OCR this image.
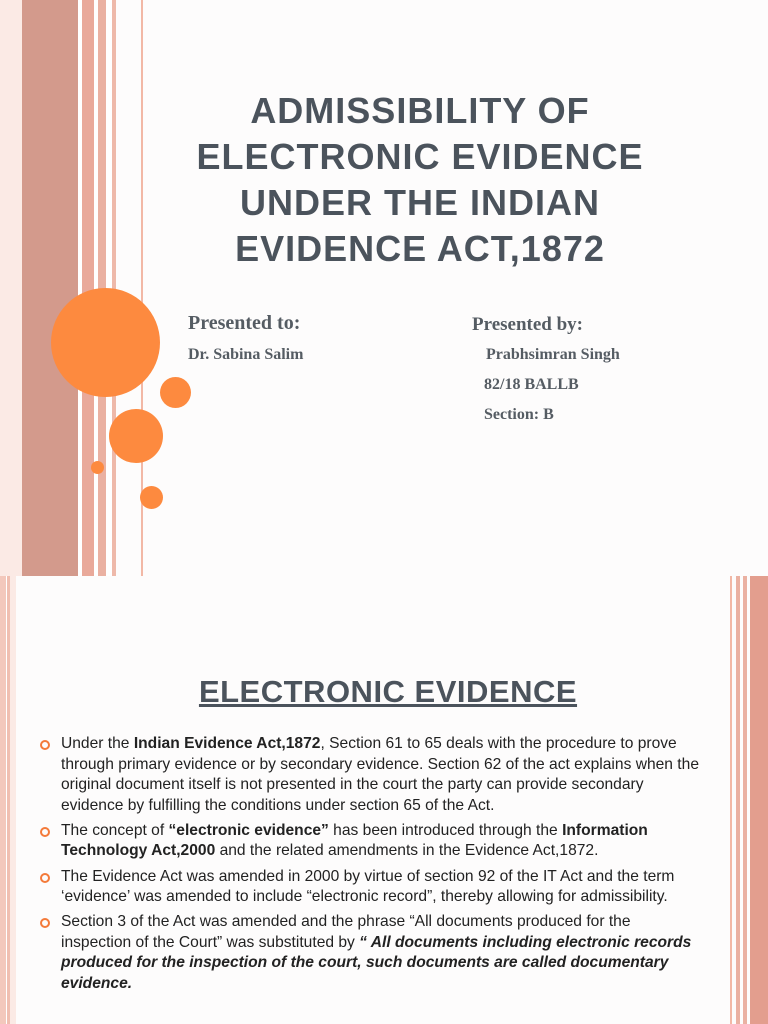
ADMISSIBILITY OF
ELECTRONIC EVIDENCE
UNDER THE INDIAN
EVIDENCE ACT,1872
Presented to:
Dr. Sabina Salim
Presented by:
Prabhsimran Singh
82/18 BALLB
Section: B
ELECTRONIC EVIDENCE
Under the Indian Evidence Act,1872, Section 61 to 65 deals with the procedure to prove through primary evidence or by secondary evidence. Section 62 of the act explains when the original document itself is not presented in the court the party can provide secondary evidence by fulfilling the conditions under section 65 of the Act.
The concept of “electronic evidence” has been introduced through the Information Technology Act,2000 and the related amendments in the Evidence Act,1872.
The Evidence Act was amended in 2000 by virtue of section 92 of the IT Act and the term ‘evidence’ was amended to include “electronic record”, thereby allowing for admissibility.
Section 3 of the Act was amended and the phrase “All documents produced for the inspection of the Court” was substituted by “ All documents including electronic records produced for the inspection of the court, such documents are called documentary evidence.
